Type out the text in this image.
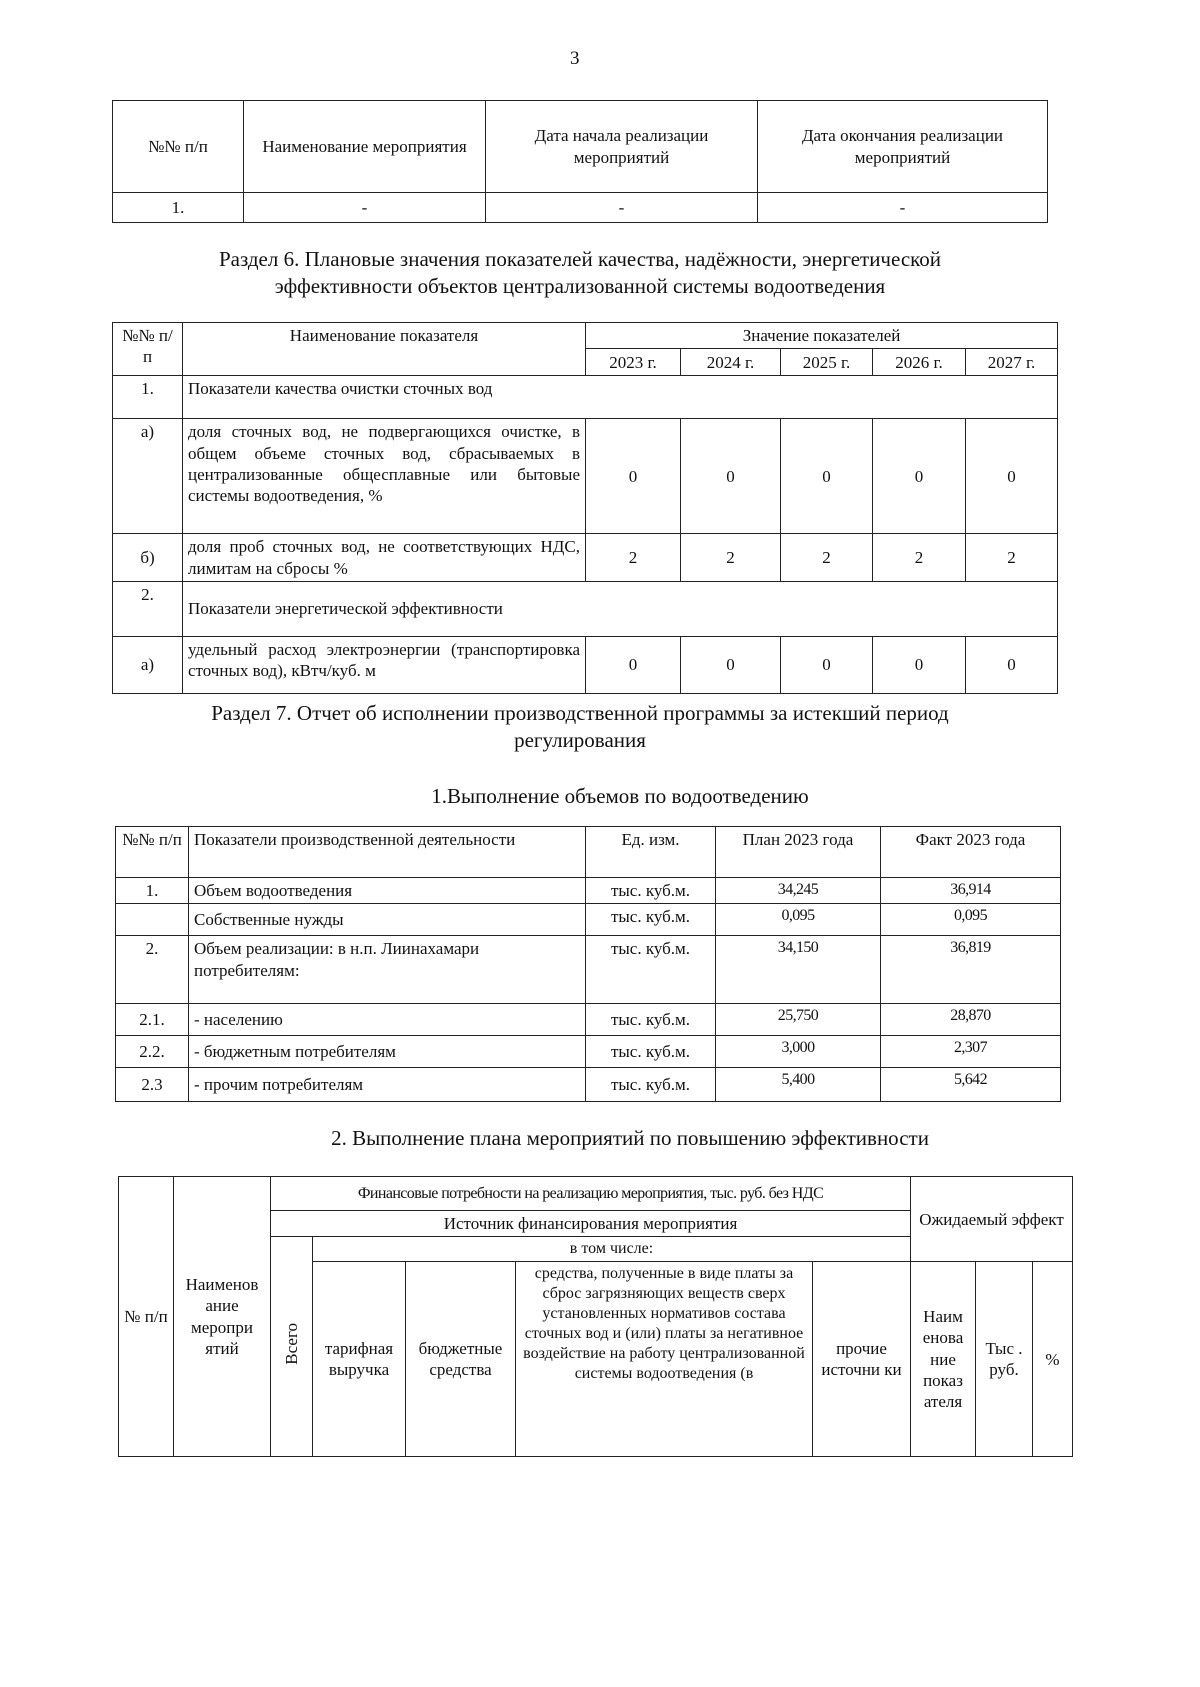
3
№№ п/п	Наименование мероприятия	Дата начала реализации мероприятий	Дата окончания реализации мероприятий
1.	-	-	-
Раздел 6. Плановые значения показателей качества, надёжности, энергетической эффективности объектов централизованной системы водоотведения
№№ п/п	Наименование показателя	Значение показателей				
		2023 г.	2024 г.	2025 г.	2026 г.	2027 г.
1.	Показатели качества очистки сточных вод					
а)	доля сточных вод, не подвергающихся очистке, в общем объеме сточных вод, сбрасываемых в централизованные общесплавные или бытовые системы водоотведения, %	0	0	0	0	0
б)	доля проб сточных вод, не соответствующих НДС, лимитам на сбросы %	2	2	2	2	2
2.	Показатели энергетической эффективности					
а)	удельный расход электроэнергии (транспортировка сточных вод), кВтч/куб. м	0	0	0	0	0
Раздел 7. Отчет об исполнении производственной программы за истекший период регулирования
1.Выполнение объемов по водоотведению
№№ п/п	Показатели производственной деятельности	Ед. изм.	План 2023 года	Факт 2023 года
1.	Объем водоотведения	тыс. куб.м.	34,245	36,914
	Собственные нужды	тыс. куб.м.	0,095	0,095
2.	Объем реализации: в н.п. Лиинахамари потребителям:	тыс. куб.м.	34,150	36,819
2.1.	- населению	тыс. куб.м.	25,750	28,870
2.2.	- бюджетным потребителям	тыс. куб.м.	3,000	2,307
2.3	- прочим потребителям	тыс. куб.м.	5,400	5,642
2. Выполнение плана мероприятий по повышению эффективности
№ п/п	Наименов ание меропри ятий	Финансовые потребности на реализацию мероприятия, тыс. руб. без НДС					Ожидаемый эффект		
		Источник финансирования мероприятия							
		Всего	в том числе:						
			тарифная выручка	бюджетные средства	средства, полученные в виде платы за сброс загрязняющих веществ сверх установленных нормативов состава сточных вод и (или) платы за негативное воздействие на работу централизованной системы водоотведения (в	прочие источни ки	Наим енова ние показ ателя	Тыс . руб.	%
